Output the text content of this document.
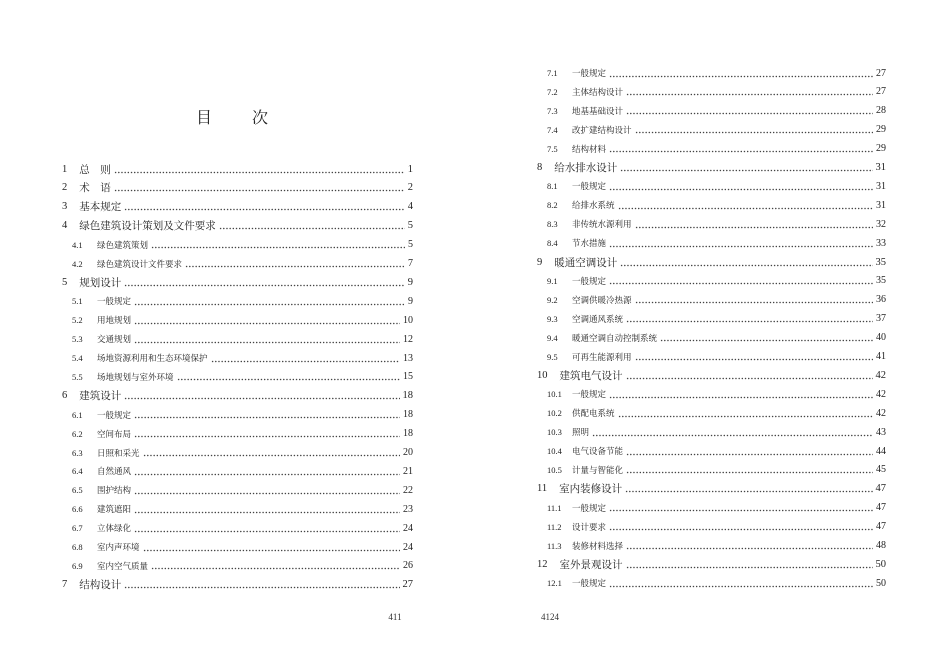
目 次
1 总　则	1
2 术　语	2
3 基本规定	4
4 绿色建筑设计策划及文件要求	5
4.1	绿色建筑策划	5
4.2	绿色建筑设计文件要求	7
5 规划设计	9
5.1	一般规定	9
5.2	用地规划	10
5.3	交通规划	12
5.4	场地资源利用和生态环境保护	13
5.5	场地规划与室外环境	15
6 建筑设计	18
6.1	一般规定	18
6.2	空间布局	18
6.3	日照和采光	20
6.4	自然通风	21
6.5	围护结构	22
6.6	建筑遮阳	23
6.7	立体绿化	24
6.8	室内声环境	24
6.9	室内空气质量	26
7 结构设计	27
7.1	一般规定	27
7.2	主体结构设计	27
7.3	地基基础设计	28
7.4	改扩建结构设计	29
7.5	结构材料	29
8 给水排水设计	31
8.1	一般规定	31
8.2	给排水系统	31
8.3	非传统水源利用	32
8.4	节水措施	33
9 暖通空调设计	35
9.1	一般规定	35
9.2	空调供暖冷热源	36
9.3	空调通风系统	37
9.4	暖通空调自动控制系统	40
9.5	可再生能源利用	41
10 建筑电气设计	42
10.1	一般规定	42
10.2	供配电系统	42
10.3	照明	43
10.4	电气设备节能	44
10.5	计量与智能化	45
11 室内装修设计	47
11.1	一般规定	47
11.2	设计要求	47
11.3	装修材料选择	48
12 室外景观设计	50
12.1	一般规定	50
411	4124
